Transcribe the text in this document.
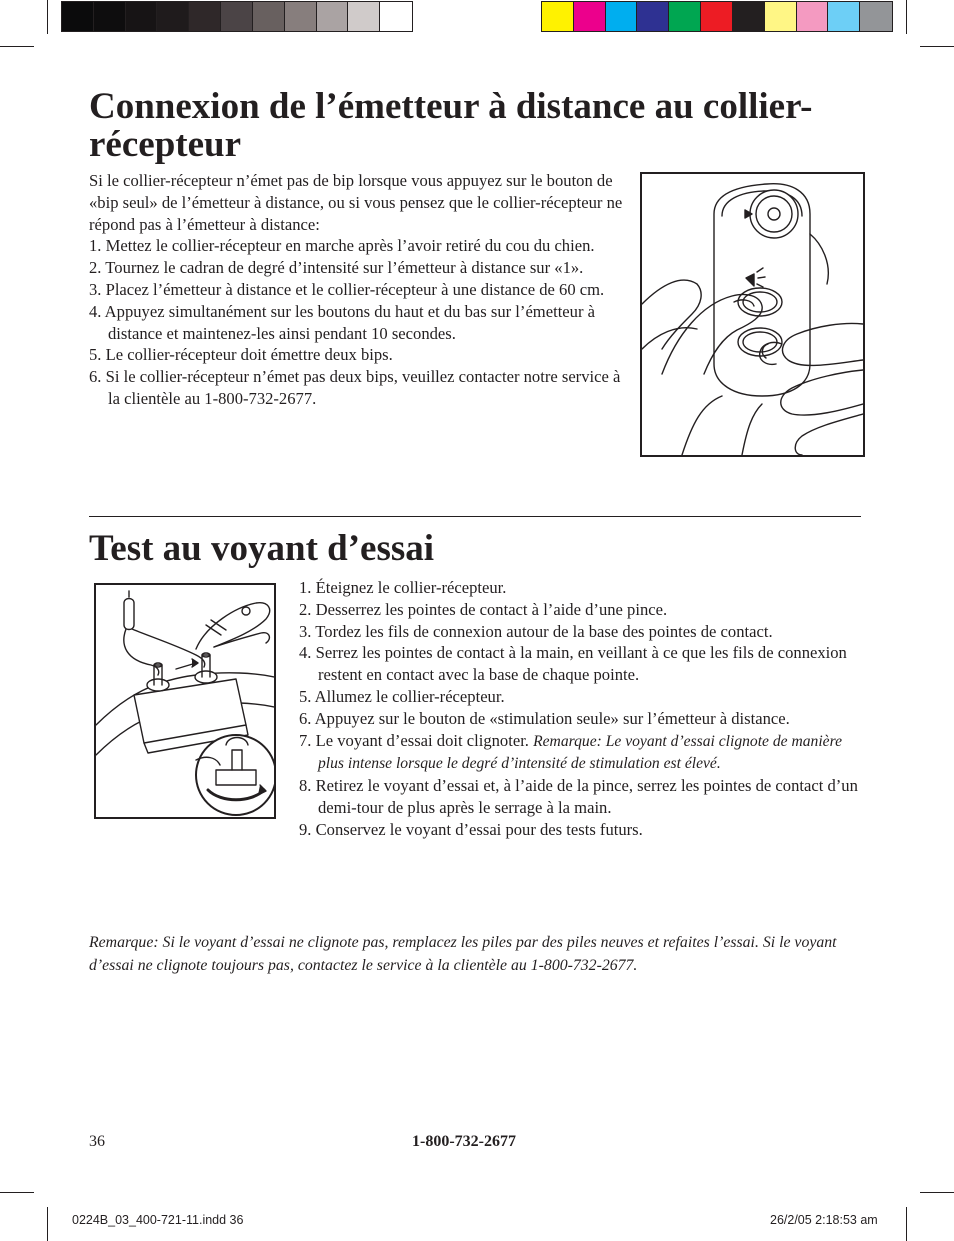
Connexion de l’émetteur à distance au collier-récepteur

Si le collier-récepteur n’émet pas de bip lorsque vous appuyez sur le bouton de «bip seul» de l’émetteur à distance, ou si vous pensez que le collier-récepteur ne répond pas à l’émetteur à distance:

1. Mettez le collier-récepteur en marche après l’avoir retiré du cou du chien.
2. Tournez le cadran de degré d’intensité sur l’émetteur à distance sur «1».
3. Placez l’émetteur à distance et le collier-récepteur à une distance de 60 cm.
4. Appuyez simultanément sur les boutons du haut et du bas sur l’émetteur à distance et maintenez-les ainsi pendant 10 secondes.
5. Le collier-récepteur doit émettre deux bips.
6. Si le collier-récepteur n’émet pas deux bips, veuillez contacter notre service à la clientèle au 1-800-732-2677.
Test au voyant d’essai
1. Éteignez le collier-récepteur.
2. Desserrez les pointes de contact à l’aide d’une pince.
3. Tordez les fils de connexion autour de la base des pointes de contact.
4. Serrez les pointes de contact à la main, en veillant à ce que les fils de connexion restent en contact avec la base de chaque pointe.
5. Allumez le collier-récepteur.
6. Appuyez sur le bouton de «stimulation seule» sur l’émetteur à distance.
7. Le voyant d’essai doit clignoter. Remarque: Le voyant d’essai clignote de manière plus intense lorsque le degré d’intensité de stimulation est élevé.
8. Retirez le voyant d’essai et, à l’aide de la pince, serrez les pointes de contact d’un demi-tour de plus après le serrage à la main.
9. Conservez le voyant d’essai pour des tests futurs.

Remarque: Si le voyant d’essai ne clignote pas, remplacez les piles par des piles neuves et refaites l’essai. Si le voyant d’essai ne clignote toujours pas, contactez le service à la clientèle au 1-800-732-2677.

36	1-800-732-2677
0224B_03_400-721-11.indd 36	26/2/05 2:18:53 am
